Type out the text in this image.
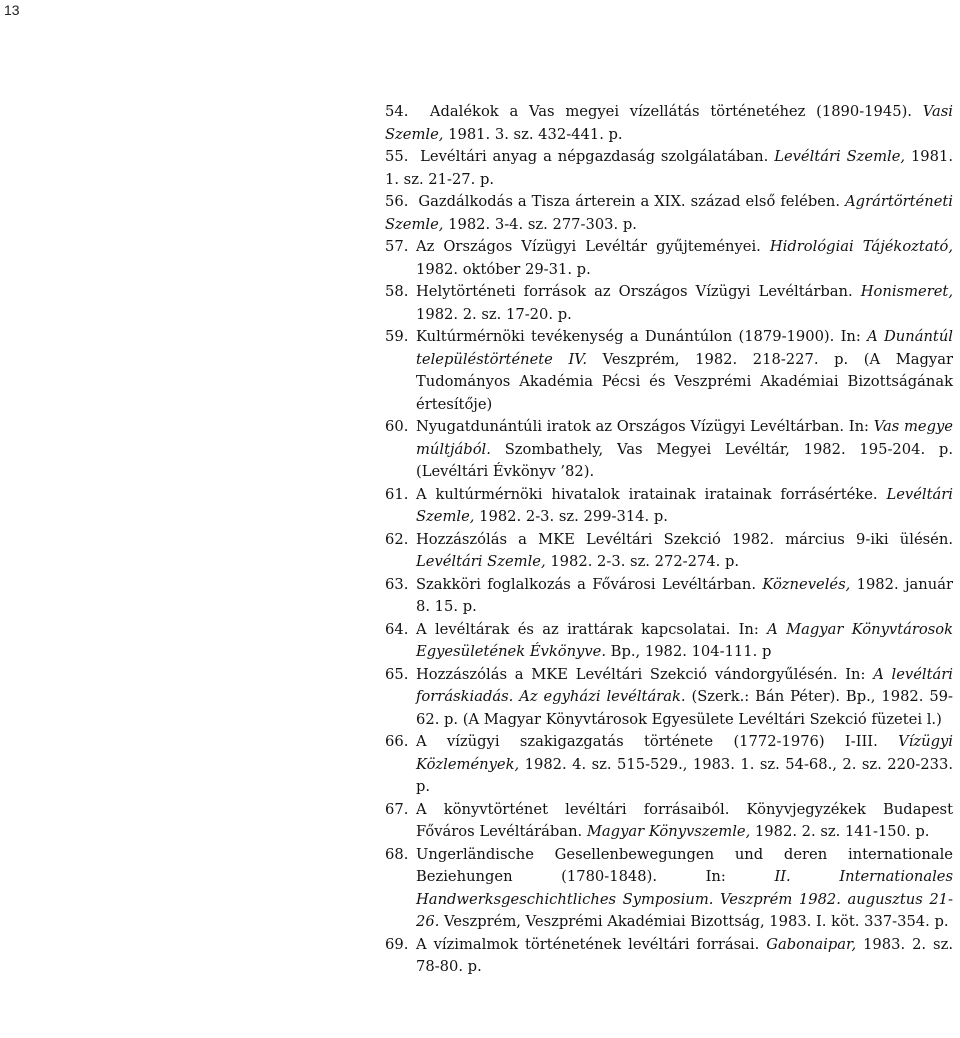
13
54. Adalékok a Vas megyei vízellátás történetéhez (1890-1945). Vasi Szemle, 1981. 3. sz. 432-441. p.
55. Levéltári anyag a népgazdaság szolgálatában. Levéltári Szemle, 1981. 1. sz. 21-27. p.
56. Gazdálkodás a Tisza árterein a XIX. század első felében. Agrártörténeti Szemle, 1982. 3-4. sz. 277-303. p.
57. Az Országos Vízügyi Levéltár gyűjteményei. Hidrológiai Tájékoztató, 1982. október 29-31. p.
58. Helytörténeti források az Országos Vízügyi Levéltárban. Honismeret, 1982. 2. sz. 17-20. p.
59. Kultúrmérnöki tevékenység a Dunántúlon (1879-1900). In: A Dunántúl településtörténete IV. Veszprém, 1982. 218-227. p. (A Magyar Tudományos Akadémia Pécsi és Veszprémi Akadémiai Bizottságának értesítője)
60. Nyugatdunántúli iratok az Országos Vízügyi Levéltárban. In: Vas megye múltjából. Szombathely, Vas Megyei Levéltár, 1982. 195-204. p. (Levéltári Évkönyv ’82).
61. A kultúrmérnöki hivatalok iratainak iratainak forrásértéke. Levéltári Szemle, 1982. 2-3. sz. 299-314. p.
62. Hozzászólás a MKE Levéltári Szekció 1982. március 9-iki ülésén. Levéltári Szemle, 1982. 2-3. sz. 272-274. p.
63. Szakköri foglalkozás a Fővárosi Levéltárban. Köznevelés, 1982. január 8. 15. p.
64. A levéltárak és az irattárak kapcsolatai. In: A Magyar Könyvtárosok Egyesületének Évkönyve. Bp., 1982. 104-111. p
65. Hozzászólás a MKE Levéltári Szekció vándorgyűlésén. In: A levéltári forráskiadás. Az egyházi levéltárak. (Szerk.: Bán Péter). Bp., 1982. 59-62. p. (A Magyar Könyvtárosok Egyesülete Levéltári Szekció füzetei l.)
66. A vízügyi szakigazgatás története (1772-1976) I-III. Vízügyi Közlemények, 1982. 4. sz. 515-529., 1983. 1. sz. 54-68., 2. sz. 220-233. p.
67. A könyvtörténet levéltári forrásaiból. Könyvjegyzékek Budapest Főváros Levéltárában. Magyar Könyvszemle, 1982. 2. sz. 141-150. p.
68. Ungerländische Gesellenbewegungen und deren internationale Beziehungen (1780-1848). In: II. Internationales Handwerksgeschichtliches Symposium. Veszprém 1982. augusztus 21-26. Veszprém, Veszprémi Akadémiai Bizottság, 1983. I. köt. 337-354. p.
69. A vízimalmok történetének levéltári forrásai. Gabonaipar, 1983. 2. sz. 78-80. p.
